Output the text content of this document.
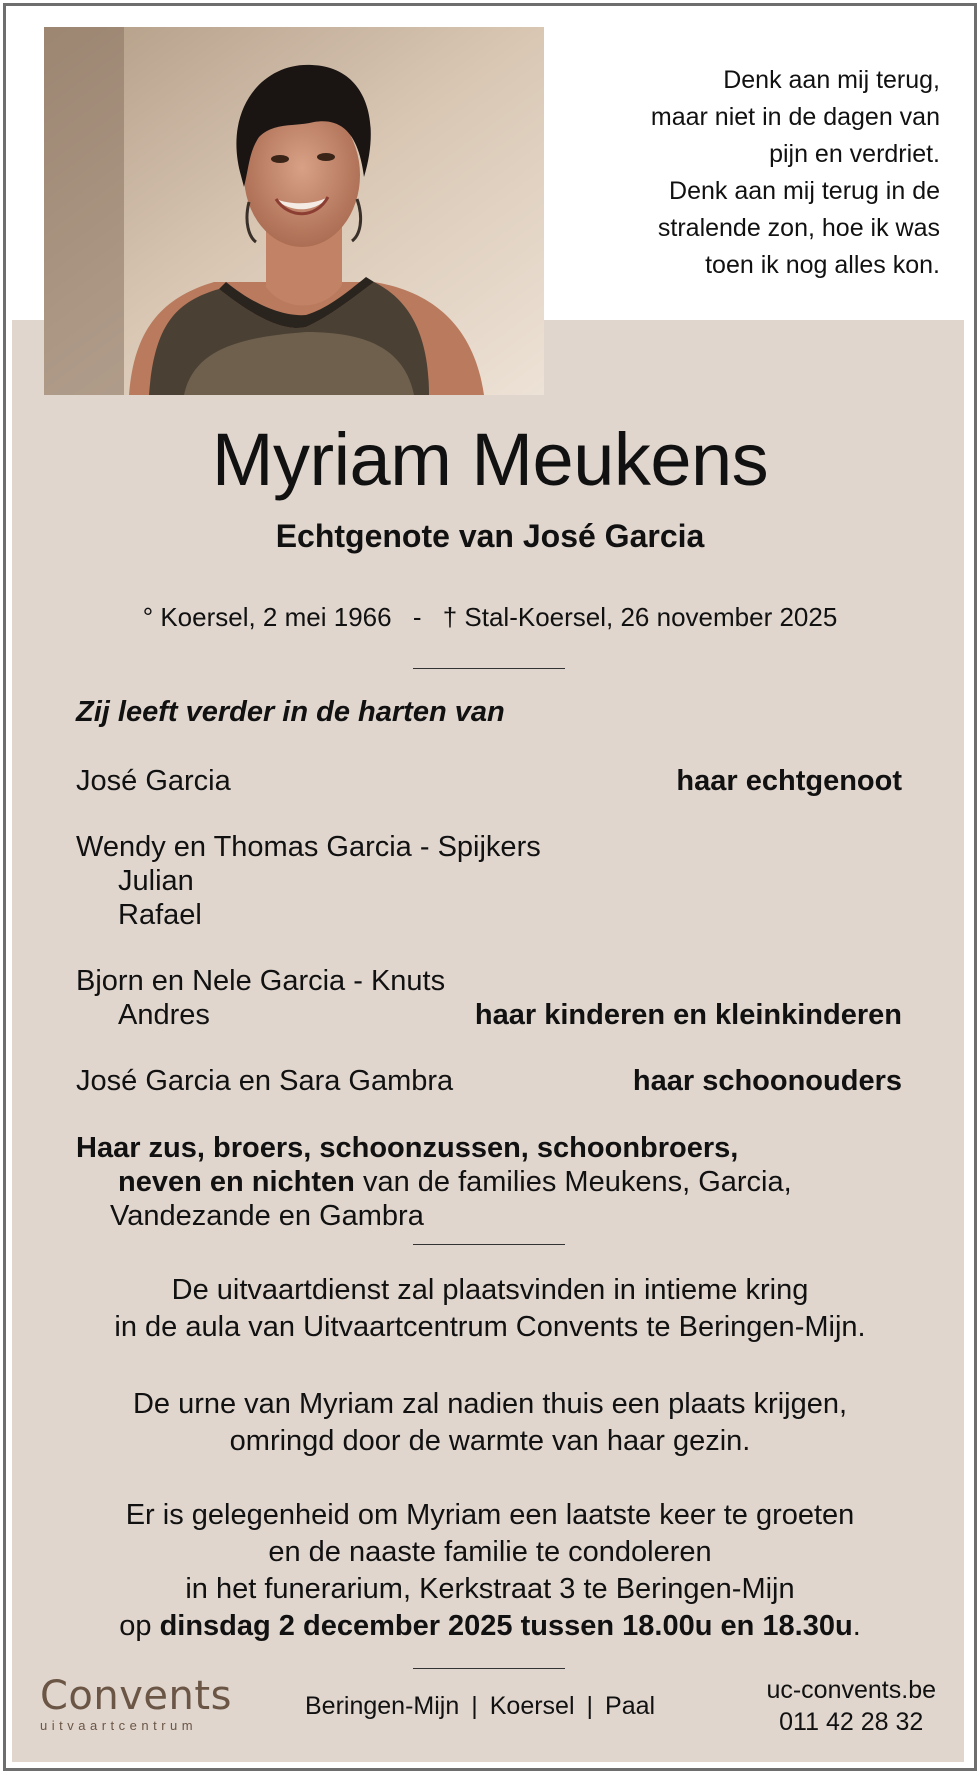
Denk aan mij terug,
maar niet in de dagen van
pijn en verdriet.
Denk aan mij terug in de
stralende zon, hoe ik was
toen ik nog alles kon.
Myriam Meukens
Echtgenote van José Garcia
° Koersel, 2 mei 1966 - † Stal-Koersel, 26 november 2025
Zij leeft verder in de harten van
José Garcia	haar echtgenoot
Wendy en Thomas Garcia - Spijkers
Julian
Rafael
Bjorn en Nele Garcia - Knuts
Andres	haar kinderen en kleinkinderen
José Garcia en Sara Gambra	haar schoonouders
Haar zus, broers, schoonzussen, schoonbroers,
neven en nichten van de families Meukens, Garcia,
Vandezande en Gambra
De uitvaartdienst zal plaatsvinden in intieme kring
in de aula van Uitvaartcentrum Convents te Beringen-Mijn.
De urne van Myriam zal nadien thuis een plaats krijgen,
omringd door de warmte van haar gezin.
Er is gelegenheid om Myriam een laatste keer te groeten
en de naaste familie te condoleren
in het funerarium, Kerkstraat 3 te Beringen-Mijn
op dinsdag 2 december 2025 tussen 18.00u en 18.30u.
Convents
uitvaartcentrum
Beringen-Mijn | Koersel | Paal
uc-convents.be
011 42 28 32
